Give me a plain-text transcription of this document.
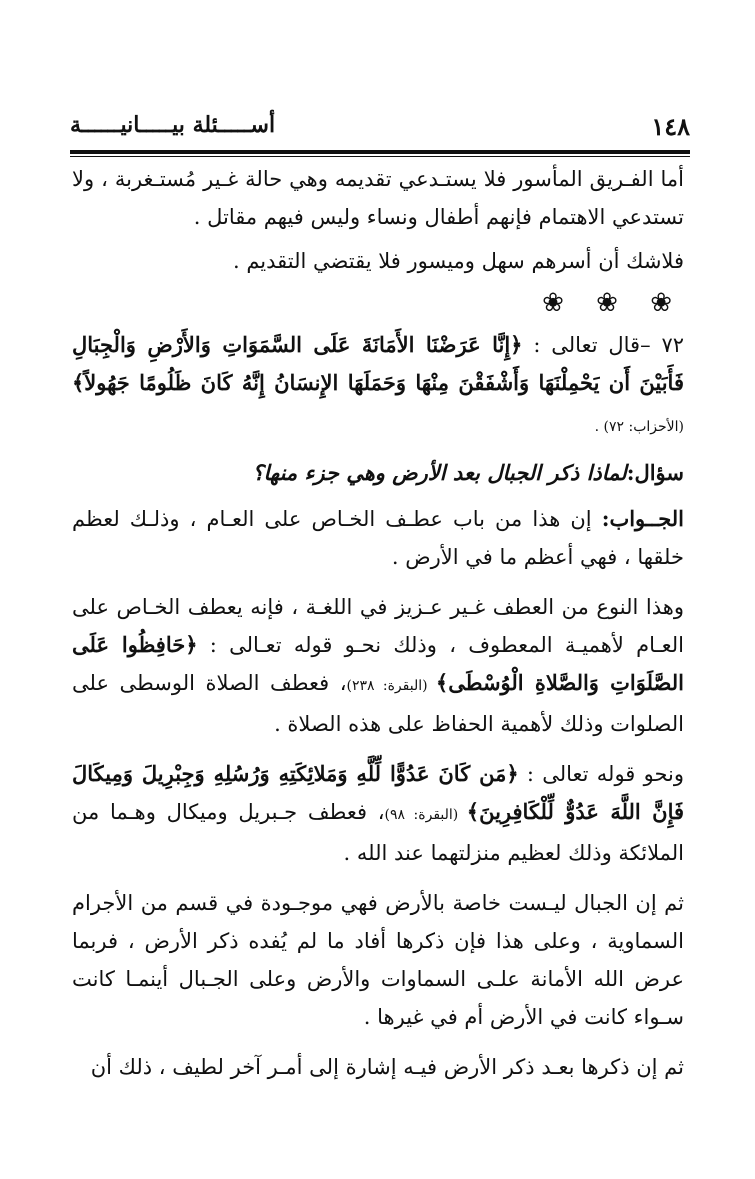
١٤٨
أســـــئلة بيـــــانيــــــة

أما الفـريق المأسور فلا يستـدعي تقديمه وهي حالة غـير مُستـغربة ، ولا تستدعي الاهتمام فإنهم أطفال ونساء وليس فيهم مقاتل .

فلاشك أن أسرهم سهل وميسور فلا يقتضي التقديم .

❀ ❀ ❀

٧٢ –قال تعالى : ﴿إِنَّا عَرَضْنَا الأَمَانَةَ عَلَى السَّمَوَاتِ وَالأَرْضِ وَالْجِبَالِ فَأَبَيْنَ أَن يَحْمِلْنَهَا وَأَشْفَقْنَ مِنْهَا وَحَمَلَهَا الإِنسَانُ إِنَّهُ كَانَ ظَلُومًا جَهُولاً﴾ (الأحزاب: ٧٢) .

سؤال:لماذا ذكر الجبال بعد الأرض وهي جزء منها؟

الجــواب: إن هذا من باب عطـف الخـاص على العـام ، وذلـك لعظم خلقها ، فهي أعظم ما في الأرض .

وهذا النوع من العطف غـير عـزيز في اللغـة ، فإنه يعطف الخـاص على العـام لأهميـة المعطوف ، وذلك نحـو قوله تعـالى : ﴿حَافِظُوا عَلَى الصَّلَوَاتِ وَالصَّلاةِ الْوُسْطَى﴾ (البقرة: ٢٣٨)، فعطف الصلاة الوسطى على الصلوات وذلك لأهمية الحفاظ على هذه الصلاة .

ونحو قوله تعالى : ﴿مَن كَانَ عَدُوًّا لِّلَّهِ وَمَلائِكَتِهِ وَرُسُلِهِ وَجِبْرِيلَ وَمِيكَالَ فَإِنَّ اللَّهَ عَدُوٌّ لِّلْكَافِرِينَ﴾ (البقرة: ٩٨)، فعطف جـبريل وميكال وهـما من الملائكة وذلك لعظيم منزلتهما عند الله .

ثم إن الجبال ليـست خاصة بالأرض فهي موجـودة في قسم من الأجرام السماوية ، وعلى هذا فإن ذكرها أفاد ما لم يُفده ذكر الأرض ، فربما عرض الله الأمانة علـى السماوات والأرض وعلى الجـبال أينمـا كانت سـواء كانت في الأرض أم في غيرها .

ثم إن ذكرها بعـد ذكر الأرض فيـه إشارة إلى أمـر آخر لطيف ، ذلك أن
